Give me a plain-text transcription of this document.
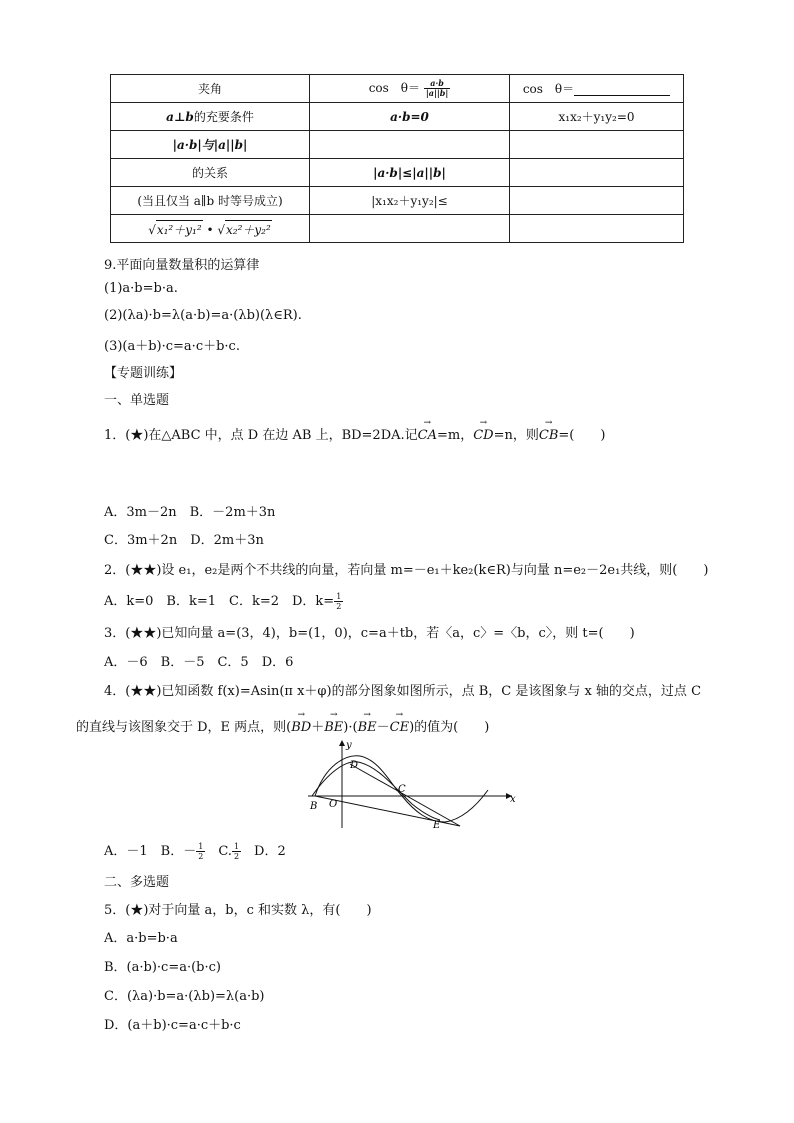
夹角	cos　$\theta= \frac{a\cdot b}{|a||b|}$	cos　θ＝
a⊥b的充要条件	a·b=0	x₁x₂＋y₁y₂=0
|a·b|与|a||b|		
的关系	|a·b|≤|a||b|	
(当且仅当 a∥b 时等号成立)	|x₁x₂＋y₁y₂|≤	
√x₁²＋y₁² • √x₂²＋y₂²		
9.平面向量数量积的运算律
(1)a·b=b·a.
(2)(λa)·b=λ(a·b)=a·(λb)(λ∈R).
(3)(a＋b)·c=a·c＋b·c.
【专题训练】
一、单选题
1．(★)在△ABC 中，点 D 在边 AB 上，BD=2DA.记→ CA=m，→ CD=n，则→ CB=(　　)
A．3m－2n　B．－2m＋3n
C．3m＋2n　D．2m＋3n
2．(★★)设 e₁，e₂是两个不共线的向量，若向量 m=－e₁＋ke₂(k∈R)与向量 n=e₂－2e₁共线，则(　　)
A．k=0　B．k=1　C．k=2　D．$k= \frac{1}{2}$
3．(★★)已知向量 a=(3，4)，b=(1，0)，c=a＋tb，若〈a，c〉=〈b，c〉，则 t=(　　)
A．－6　B．－5　C．5　D．6
4．(★★)已知函数 f(x)=Asin(π x＋φ)的部分图象如图所示，点 B，C 是该图象与 x 轴的交点，过点 C
的直线与该图象交于 D，E 两点，则(→ BD＋→ BE)·(→ BE－→ CE)的值为(　　)
y
x
D
C
B O
E
A．－1　B．－ $\frac{1}{2}$ 　C. $\frac{1}{2}$ 　D．2
二、多选题
5．(★)对于向量 a，b，c 和实数 λ，有(　　)
A．a·b=b·a
B．(a·b)·c=a·(b·c)
C．(λa)·b=a·(λb)=λ(a·b)
D．(a＋b)·c=a·c＋b·c
